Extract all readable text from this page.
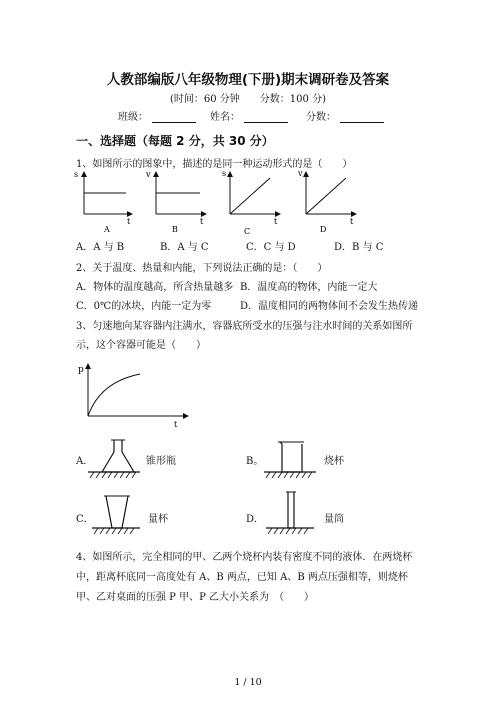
人教部编版八年级物理(下册)期末调研卷及答案
(时间：60 分钟　　分数：100 分)
班级：	姓名：	分数：
一、选择题（每题 2 分，共 30 分）
1、如图所示的图象中，描述的是同一种运动形式的是（　　）
s
t
A
v
t
B
s
t
C
v
t
D
A．A 与 B	B．A 与 C	C．C 与 D	D．B 与 C
2、关于温度、热量和内能，下列说法正确的是：（　　）
A．物体的温度越高，所含热量越多 B．温度高的物体，内能一定大
C．0℃的冰块，内能一定为零	D．温度相同的两物体间不会发生热传递
3、匀速地向某容器内注满水，容器底所受水的压强与注水时间的关系如图所
示，这个容器可能是（　　）
p
t
A．	锥形瓶	B。	烧杯
C．	量杯	D．	量筒
4、如图所示，完全相同的甲、乙两个烧杯内装有密度不同的液体．在两烧杯
中，距离杯底同一高度处有 A、B 两点，已知 A、B 两点压强相等，则烧杯
甲、乙对桌面的压强 P 甲、P 乙大小关系为　（　　）
1 / 10
